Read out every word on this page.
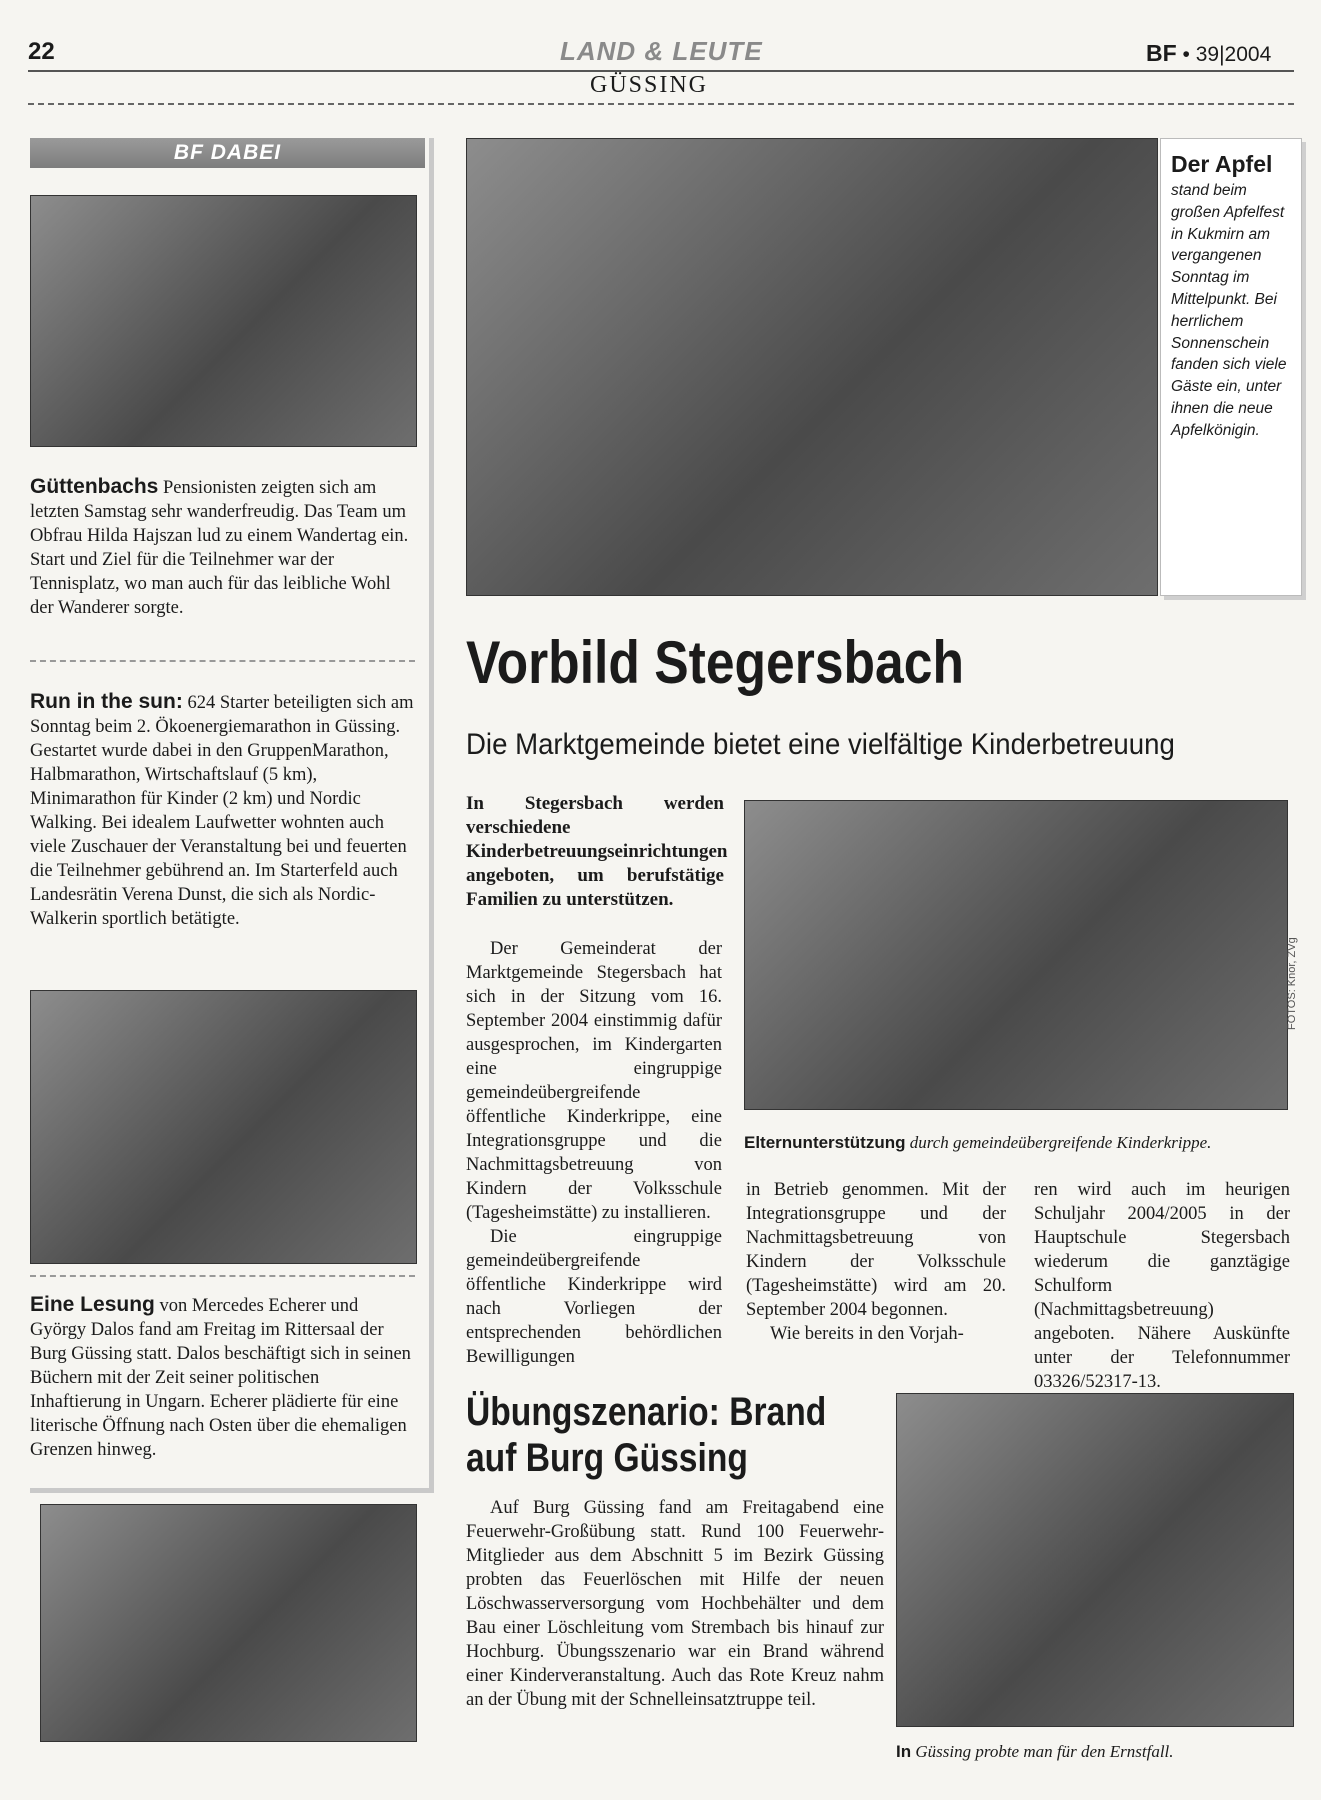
22	LAND & LEUTE	BF • 39|2004
GÜSSING
BF DABEI
Güttenbachs Pensionisten zeigten sich am letzten Samstag sehr wanderfreudig. Das Team um Obfrau Hilda Hajszan lud zu einem Wandertag ein. Start und Ziel für die Teilnehmer war der Tennisplatz, wo man auch für das leibliche Wohl der Wanderer sorgte.
Run in the sun: 624 Starter beteiligten sich am Sonntag beim 2. Ökoenergiemarathon in Güssing. Gestartet wurde dabei in den GruppenMarathon, Halbmarathon, Wirtschaftslauf (5 km), Minimarathon für Kinder (2 km) und Nordic Walking. Bei idealem Laufwetter wohnten auch viele Zuschauer der Veranstaltung bei und feuerten die Teilnehmer gebührend an. Im Starterfeld auch Landesrätin Verena Dunst, die sich als Nordic-Walkerin sportlich betätigte.
Eine Lesung von Mercedes Echerer und György Dalos fand am Freitag im Rittersaal der Burg Güssing statt. Dalos beschäftigt sich in seinen Büchern mit der Zeit seiner politischen Inhaftierung in Ungarn. Echerer plädierte für eine literische Öffnung nach Osten über die ehemaligen Grenzen hinweg.
Der Apfel
stand beim großen Apfelfest in Kukmirn am vergangenen Sonntag im Mittelpunkt. Bei herrlichem Sonnenschein fanden sich viele Gäste ein, unter ihnen die neue Apfelkönigin.
Vorbild Stegersbach
Die Marktgemeinde bietet eine vielfältige Kinderbetreuung
In Stegersbach werden verschiedene Kinderbetreuungseinrichtungen angeboten, um berufstätige Familien zu unterstützen.
FOTOS: Knor, ZVg
Elternunterstützung durch gemeindeübergreifende Kinderkrippe.
Der Gemeinderat der Marktgemeinde Stegersbach hat sich in der Sitzung vom 16. September 2004 einstimmig dafür ausgesprochen, im Kindergarten eine eingruppige gemeindeübergreifende öffentliche Kinderkrippe, eine Integrationsgruppe und die Nachmittagsbetreuung von Kindern der Volksschule (Tagesheimstätte) zu installieren.
Die eingruppige gemeindeübergreifende öffentliche Kinderkrippe wird nach Vorliegen der entsprechenden behördlichen Bewilligungen
in Betrieb genommen. Mit der Integrationsgruppe und der Nachmittagsbetreuung von Kindern der Volksschule (Tagesheimstätte) wird am 20. September 2004 begonnen.
Wie bereits in den Vorjah-
ren wird auch im heurigen Schuljahr 2004/2005 in der Hauptschule Stegersbach wiederum die ganztägige Schulform (Nachmittagsbetreuung) angeboten. Nähere Auskünfte unter der Telefonnummer 03326/52317-13.
Übungszenario: Brand
auf Burg Güssing
Auf Burg Güssing fand am Freitagabend eine Feuerwehr-Großübung statt. Rund 100 Feuerwehr-Mitglieder aus dem Abschnitt 5 im Bezirk Güssing probten das Feuerlöschen mit Hilfe der neuen Löschwasserversorgung vom Hochbehälter und dem Bau einer Löschleitung vom Strembach bis hinauf zur Hochburg. Übungsszenario war ein Brand während einer Kinderveranstaltung. Auch das Rote Kreuz nahm an der Übung mit der Schnelleinsatztruppe teil.
In Güssing probte man für den Ernstfall.
